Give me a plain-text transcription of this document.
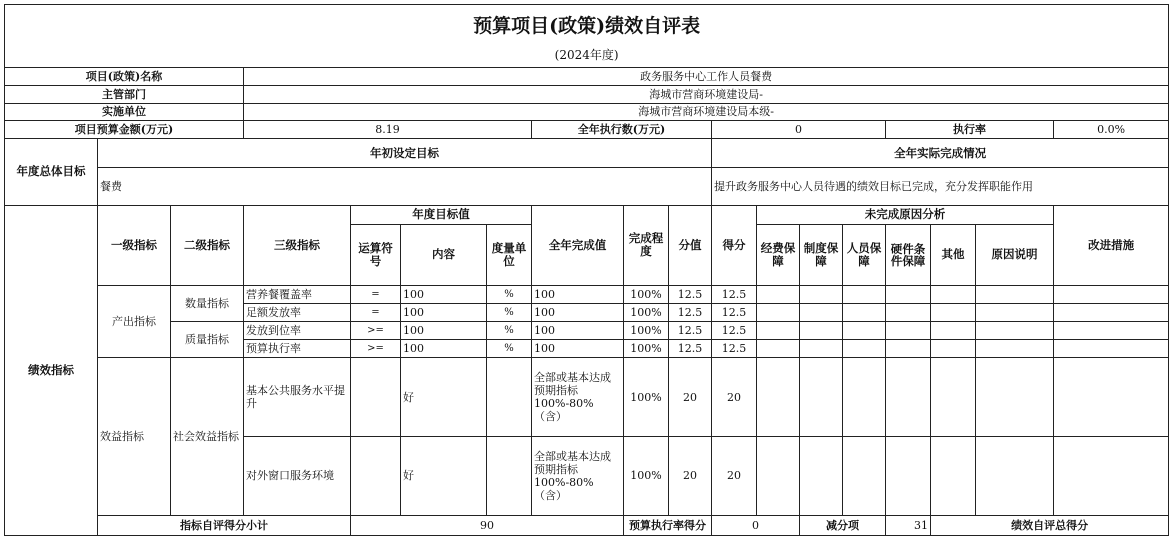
预算项目(政策)绩效自评表																		
(2024年度)																		
项目(政策)名称			政务服务中心工作人员餐费															
主管部门			海城市营商环境建设局-															
实施单位			海城市营商环境建设局本级-															
项目预算金额(万元)			8.19				全年执行数(万元)			0				执行率			0.0%	
年度总体目标	年初设定目标									全年实际完成情况								
	餐费									提升政务服务中心人员待遇的绩效目标已完成，充分发挥职能作用								
绩效指标	一级指标	二级指标	三级指标	年度目标值			全年完成值	完成程度	分值	得分	未完成原因分析						改进措施	
				运算符号	内容	度量单位					经费保障	制度保障	人员保障	硬件条件保障	其他	原因说明		

	产出指标	数量指标	营养餐覆盖率	=	100	%	100	100%	12.5	12.5								
			足额发放率	=	100	%	100	100%	12.5	12.5								
		质量指标	发放到位率	>=	100	%	100	100%	12.5	12.5								
			预算执行率	>=	100	%	100	100%	12.5	12.5								
	效益指标	社会效益指标	基本公共服务水平提升		好		全部或基本达成预期指标100%-80%（含）	100%	20	20								
			对外窗口服务环境		好		全部或基本达成预期指标100%-80%（含）	100%	20	20								
	指标自评得分小计			90				预算执行率得分		0		减分项		31	绩效自评总得分	
